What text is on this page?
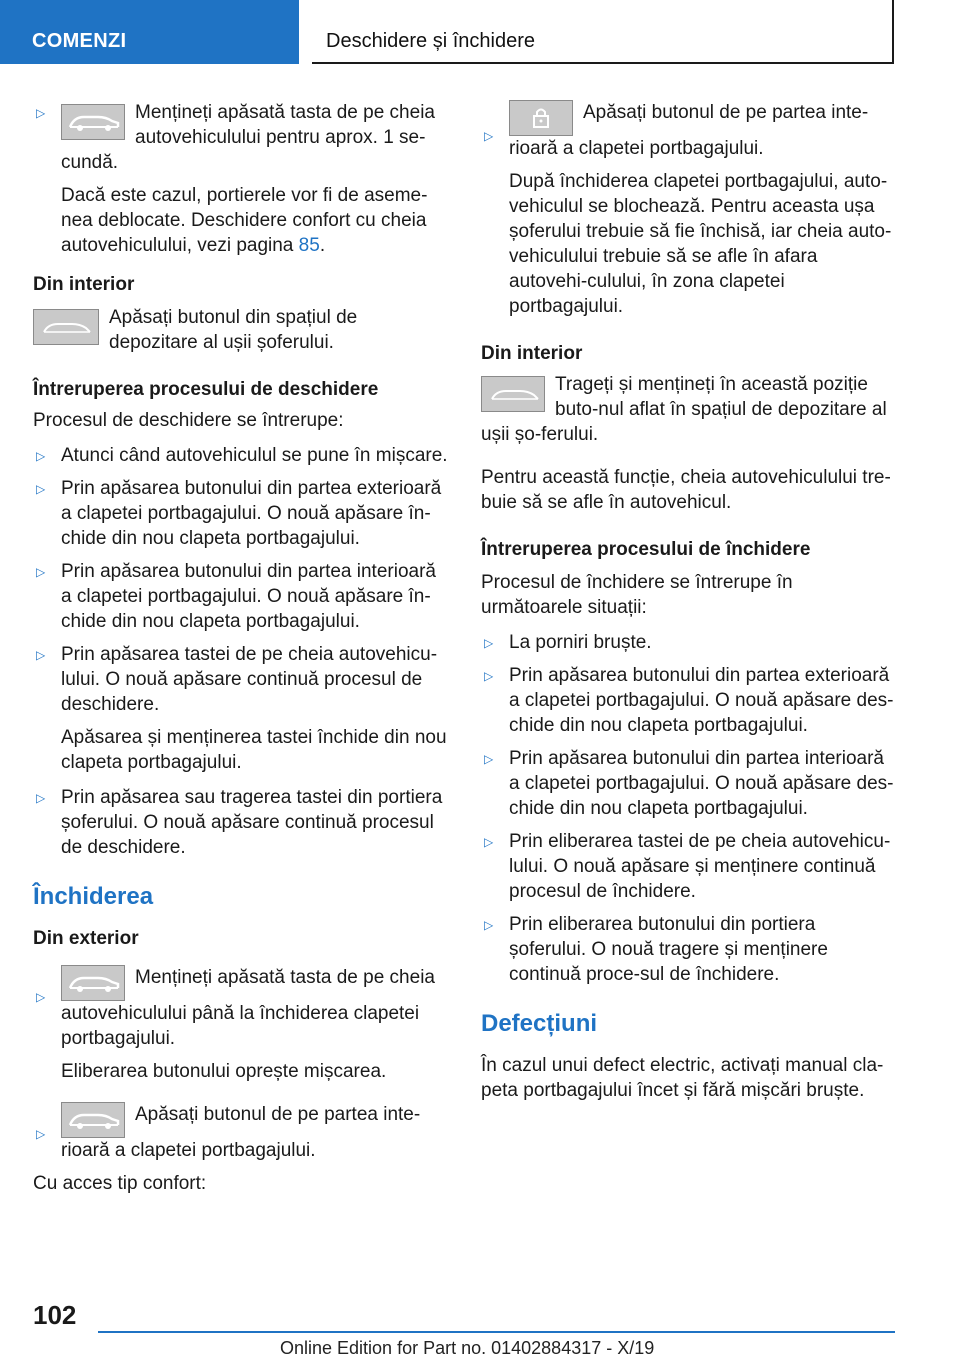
COMENZI	Deschidere și închidere
▷	Mențineți apăsată tasta de pe cheia autovehiculului pentru aprox. 1 se-cundă.
Dacă este cazul, portierele vor fi de aseme-nea deblocate. Deschidere confort cu cheia autovehiculului, vezi pagina 85.
Din interior
Apăsați butonul din spațiul de depozitare al ușii șoferului.
Întreruperea procesului de deschidere

Procesul de deschidere se întrerupe:

▷ Atunci când autovehiculul se pune în mișcare.
▷ Prin apăsarea butonului din partea exterioară a clapetei portbagajului. O nouă apăsare în-chide din nou clapeta portbagajului.
▷ Prin apăsarea butonului din partea interioară a clapetei portbagajului. O nouă apăsare în-chide din nou clapeta portbagajului.
▷ Prin apăsarea tastei de pe cheia autovehicu-lului. O nouă apăsare continuă procesul de deschidere.
Apăsarea și menținerea tastei închide din nou clapeta portbagajului.
▷ Prin apăsarea sau tragerea tastei din portiera șoferului. O nouă apăsare continuă procesul de deschidere.
Închiderea
Din exterior
▷
Mențineți apăsată tasta de pe cheia autovehiculului până la închiderea clapetei portbagajului.
Eliberarea butonului oprește mișcarea.
▷
Apăsați butonul de pe partea inte-rioară a clapetei portbagajului.

Cu acces tip confort:

▷
Apăsați butonul de pe partea inte-rioară a clapetei portbagajului.
După închiderea clapetei portbagajului, auto-vehiculul se blochează. Pentru aceasta ușa șoferului trebuie să fie închisă, iar cheia auto-vehiculului trebuie să se afle în afara autovehi-culului, în zona clapetei portbagajului.
Din interior
Trageți și mențineți în această poziție buto-nul aflat în spațiul de depozitare al ușii șo-ferului.

Pentru această funcție, cheia autovehiculului tre-buie să se afle în autovehicul.

Întreruperea procesului de închidere

Procesul de închidere se întrerupe în următoarele situații:

▷ La porniri bruște.
▷ Prin apăsarea butonului din partea exterioară a clapetei portbagajului. O nouă apăsare des-chide din nou clapeta portbagajului.
▷ Prin apăsarea butonului din partea interioară a clapetei portbagajului. O nouă apăsare des-chide din nou clapeta portbagajului.
▷ Prin eliberarea tastei de pe cheia autovehicu-lului. O nouă apăsare și menținere continuă procesul de închidere.
▷ Prin eliberarea butonului din portiera șoferului. O nouă tragere și menținere continuă proce-sul de închidere.
Defecțiuni

În cazul unui defect electric, activați manual cla-peta portbagajului încet și fără mișcări bruște.

102
Online Edition for Part no. 01402884317 - X/19
